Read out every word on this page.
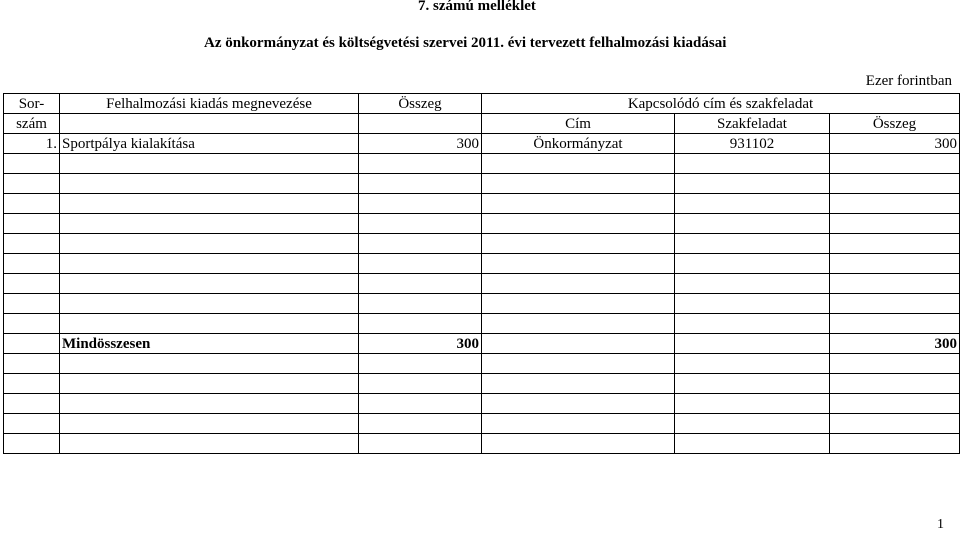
7. számú melléklet
Az önkormányzat és költségvetési szervei 2011. évi tervezett felhalmozási kiadásai
Ezer forintban
Sor-	Felhalmozási kiadás megnevezése	Összeg	Kapcsolódó cím és szakfeladat		
szám			Cím	Szakfeladat	Összeg
1.	Sportpálya kialakítása	300	Önkormányzat	931102	300

	Mindösszesen	300			300

1
